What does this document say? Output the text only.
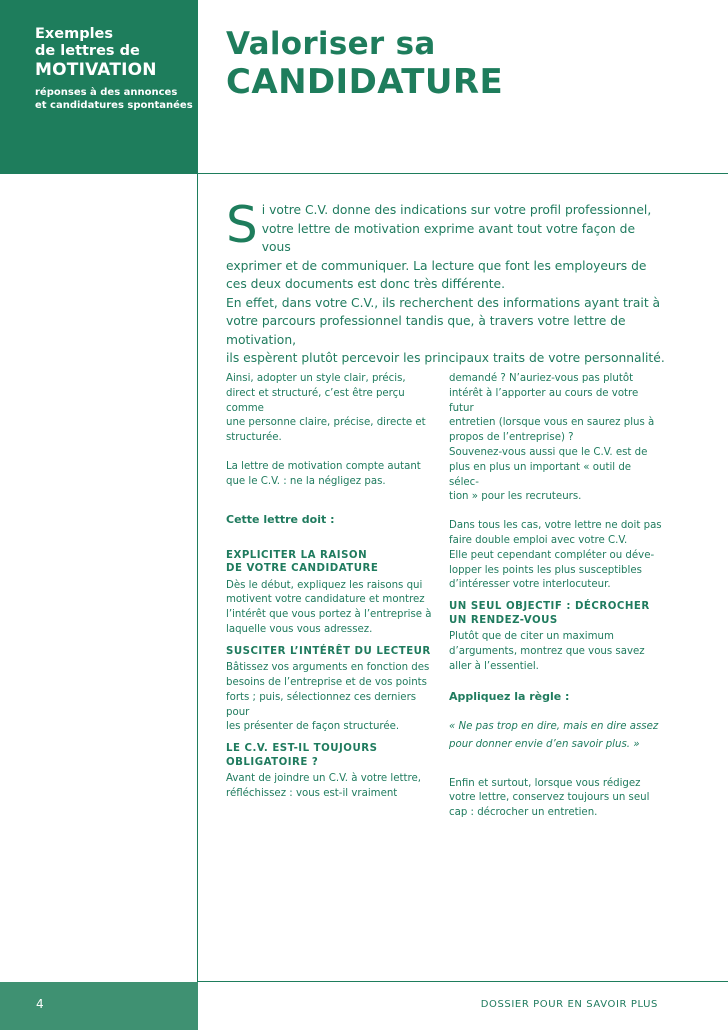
Exemples
de lettres de
MOTIVATION
réponses à des annonces
et candidatures spontanées
Valoriser sa
CANDIDATURE
S i votre C.V. donne des indications sur votre profil professionnel,
votre lettre de motivation exprime avant tout votre façon de vous
exprimer et de communiquer. La lecture que font les employeurs de
ces deux documents est donc très différente.
En effet, dans votre C.V., ils recherchent des informations ayant trait à
votre parcours professionnel tandis que, à travers votre lettre de motivation,
ils espèrent plutôt percevoir les principaux traits de votre personnalité.
Ainsi, adopter un style clair, précis,
direct et structuré, c’est être perçu comme
une personne claire, précise, directe et
structurée.
La lettre de motivation compte autant
que le C.V. : ne la négligez pas.
Cette lettre doit :
EXPLICITER LA RAISON
DE VOTRE CANDIDATURE
Dès le début, expliquez les raisons qui
motivent votre candidature et montrez
l’intérêt que vous portez à l’entreprise à
laquelle vous vous adressez.
SUSCITER L’INTÉRÊT DU LECTEUR
Bâtissez vos arguments en fonction des
besoins de l’entreprise et de vos points
forts ; puis, sélectionnez ces derniers pour
les présenter de façon structurée.
LE C.V. EST-IL TOUJOURS
OBLIGATOIRE ?
Avant de joindre un C.V. à votre lettre,
réfléchissez : vous est-il vraiment
demandé ? N’auriez-vous pas plutôt
intérêt à l’apporter au cours de votre futur
entretien (lorsque vous en saurez plus à
propos de l’entreprise) ?
Souvenez-vous aussi que le C.V. est de
plus en plus un important « outil de sélec-
tion » pour les recruteurs.
Dans tous les cas, votre lettre ne doit pas
faire double emploi avec votre C.V.
Elle peut cependant compléter ou déve-
lopper les points les plus susceptibles
d’intéresser votre interlocuteur.
UN SEUL OBJECTIF : DÉCROCHER
UN RENDEZ-VOUS
Plutôt que de citer un maximum
d’arguments, montrez que vous savez
aller à l’essentiel.
Appliquez la règle :
« Ne pas trop en dire, mais en dire assez
pour donner envie d’en savoir plus. »
Enfin et surtout, lorsque vous rédigez
votre lettre, conservez toujours un seul
cap : décrocher un entretien.
4	DOSSIER POUR EN SAVOIR PLUS
